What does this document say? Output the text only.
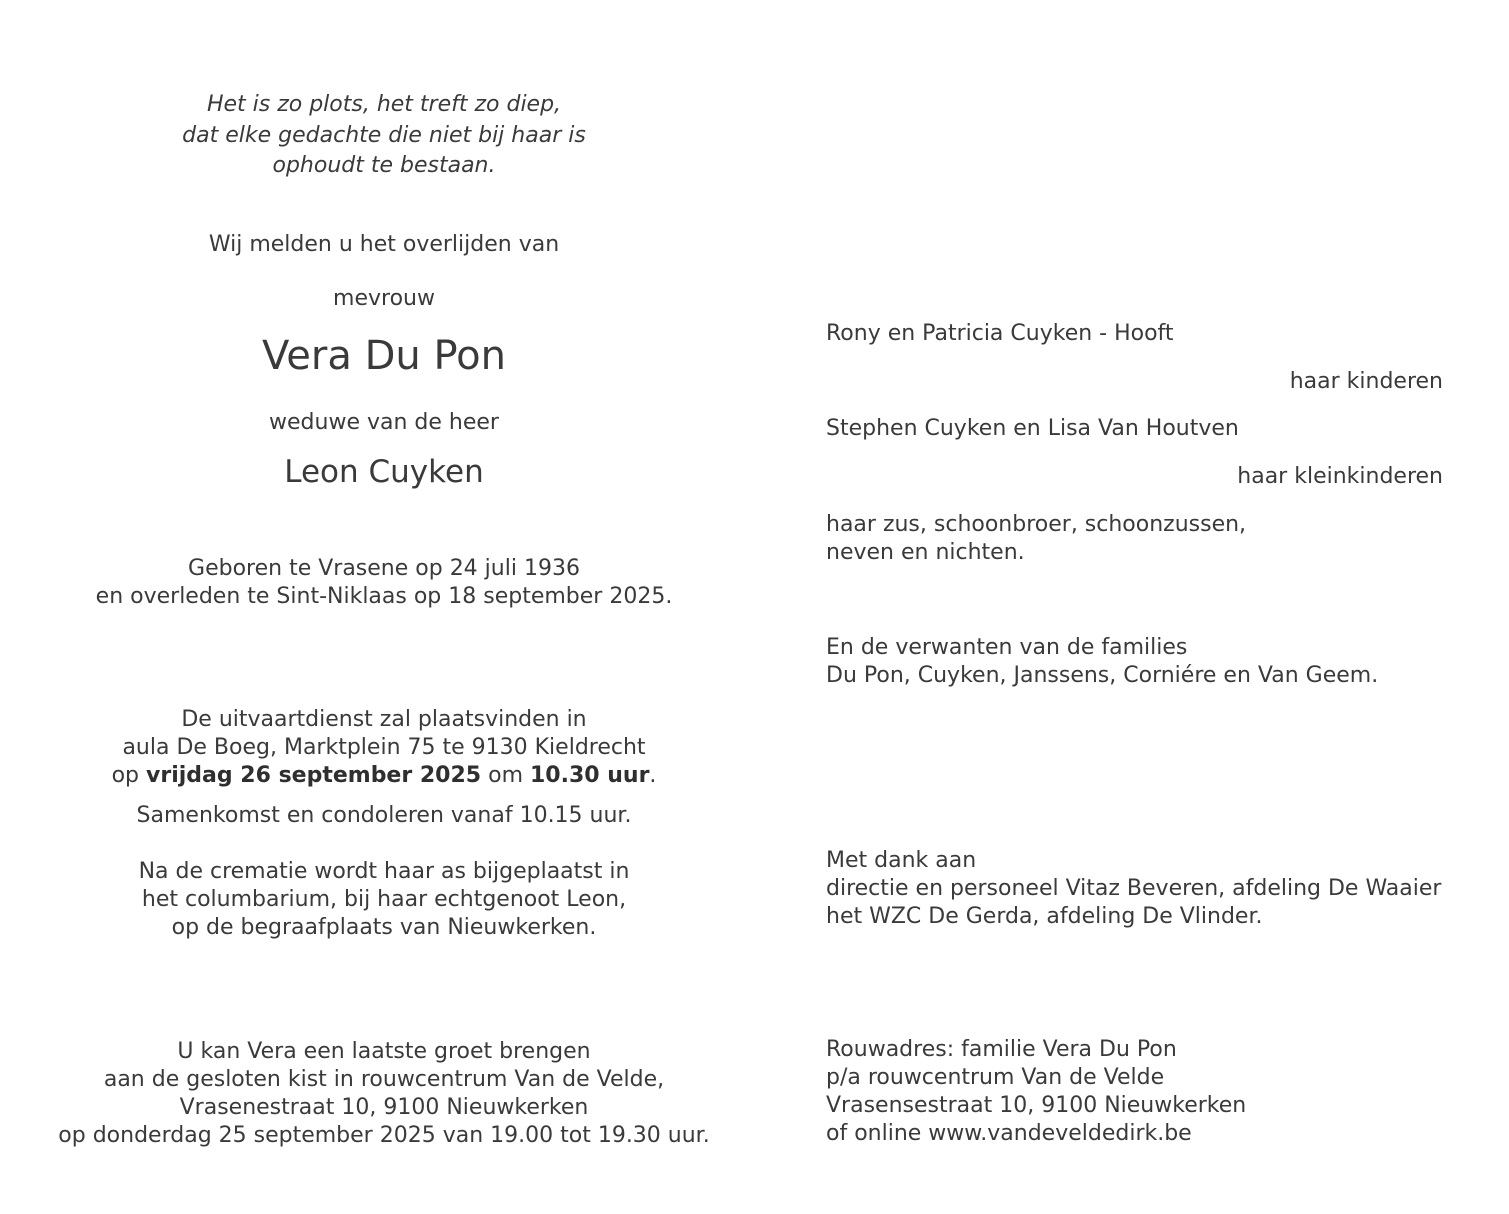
Het is zo plots, het treft zo diep,
dat elke gedachte die niet bij haar is
ophoudt te bestaan.

Wij melden u het overlijden van

mevrouw

Vera Du Pon

weduwe van de heer

Leon Cuyken

Geboren te Vrasene op 24 juli 1936
en overleden te Sint-Niklaas op 18 september 2025.

De uitvaartdienst zal plaatsvinden in
aula De Boeg, Marktplein 75 te 9130 Kieldrecht
op vrijdag 26 september 2025 om 10.30 uur.

Samenkomst en condoleren vanaf 10.15 uur.

Na de crematie wordt haar as bijgeplaatst in
het columbarium, bij haar echtgenoot Leon,
op de begraafplaats van Nieuwkerken.

U kan Vera een laatste groet brengen
aan de gesloten kist in rouwcentrum Van de Velde,
Vrasenestraat 10, 9100 Nieuwkerken
op donderdag 25 september 2025 van 19.00 tot 19.30 uur.

Rony en Patricia Cuyken - Hooft

haar kinderen

Stephen Cuyken en Lisa Van Houtven

haar kleinkinderen

haar zus, schoonbroer, schoonzussen,
neven en nichten.

En de verwanten van de families
Du Pon, Cuyken, Janssens, Corniére en Van Geem.

Met dank aan
directie en personeel Vitaz Beveren, afdeling De Waaier
het WZC De Gerda, afdeling De Vlinder.

Rouwadres: familie Vera Du Pon
p/a rouwcentrum Van de Velde
Vrasensestraat 10, 9100 Nieuwkerken
of online www.vandeveldedirk.be
